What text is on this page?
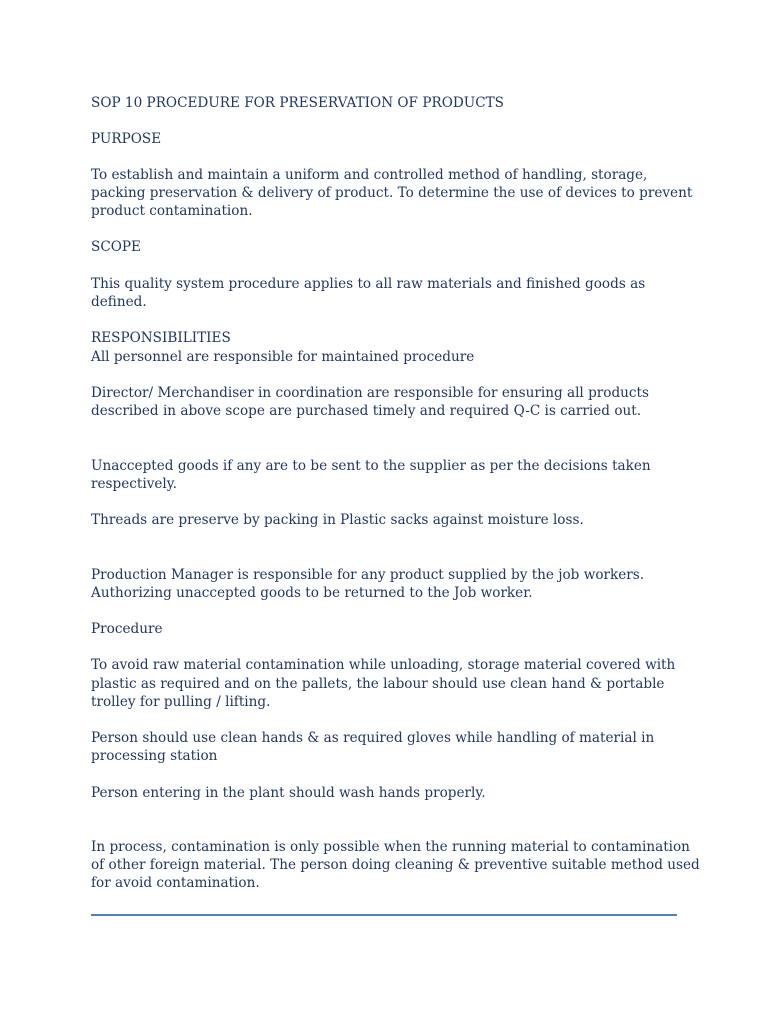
SOP 10 PROCEDURE FOR PRESERVATION OF PRODUCTS
PURPOSE
To establish and maintain a uniform and controlled method of handling, storage,
packing preservation & delivery of product. To determine the use of devices to prevent
product contamination.
SCOPE
This quality system procedure applies to all raw materials and finished goods as
defined.
RESPONSIBILITIES
All personnel are responsible for maintained procedure
Director/ Merchandiser in coordination are responsible for ensuring all products
described in above scope are purchased timely and required Q-C is carried out.
Unaccepted goods if any are to be sent to the supplier as per the decisions taken
respectively.
Threads are preserve by packing in Plastic sacks against moisture loss.
Production Manager is responsible for any product supplied by the job workers.
Authorizing unaccepted goods to be returned to the Job worker.
Procedure
To avoid raw material contamination while unloading, storage material covered with
plastic as required and on the pallets, the labour should use clean hand & portable
trolley for pulling / lifting.
Person should use clean hands & as required gloves while handling of material in
processing station
Person entering in the plant should wash hands properly.
In process, contamination is only possible when the running material to contamination
of other foreign material. The person doing cleaning & preventive suitable method used
for avoid contamination.
